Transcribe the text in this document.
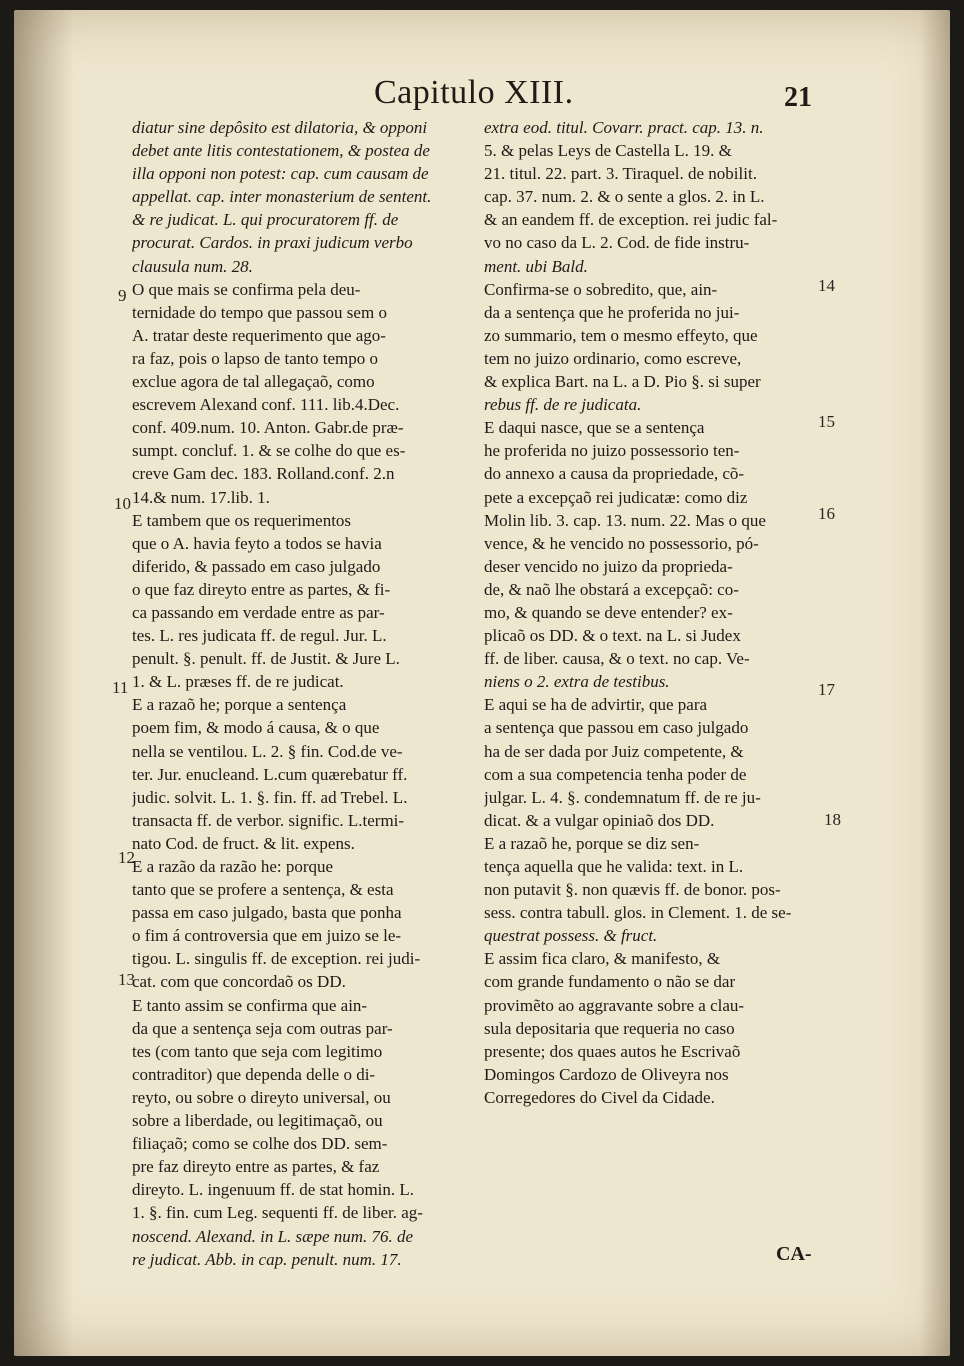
Capitulo XIII.	21
diatur sine depôsito est dilatoria, & opponi
debet ante litis contestationem, & postea de
illa opponi non potest: cap. cum causam de
appellat. cap. inter monasterium de sentent.
& re judicat. L. qui procuratorem ff. de
procurat. Cardos. in praxi judicum verbo
clausula num. 28.
O que mais se confirma pela deu-
ternidade do tempo que passou sem o
A. tratar deste requerimento que ago-
ra faz, pois o lapso de tanto tempo o
exclue agora de tal allegaçaõ, como
escrevem Alexand conf. 111. lib.4.Dec.
conf. 409.num. 10. Anton. Gabr.de præ-
sumpt. concluf. 1. & se colhe do que es-
creve Gam dec. 183. Rolland.conf. 2.n
14.& num. 17.lib. 1.
E tambem que os requerimentos
que o A. havia feyto a todos se havia
diferido, & passado em caso julgado
o que faz direyto entre as partes, & fi-
ca passando em verdade entre as par-
tes. L. res judicata ff. de regul. Jur. L.
penult. §. penult. ff. de Justit. & Jure L.
1. & L. præses ff. de re judicat.
E a razaõ he; porque a sentença
poem fim, & modo á causa, & o que
nella se ventilou. L. 2. § fin. Cod.de ve-
ter. Jur. enucleand. L.cum quærebatur ff.
judic. solvit. L. 1. §. fin. ff. ad Trebel. L.
transacta ff. de verbor. signific. L.termi-
nato Cod. de fruct. & lit. expens.
E a razão da razão he: porque
tanto que se profere a sentença, & esta
passa em caso julgado, basta que ponha
o fim á controversia que em juizo se le-
tigou. L. singulis ff. de exception. rei judi-
cat. com que concordaõ os DD.
E tanto assim se confirma que ain-
da que a sentença seja com outras par-
tes (com tanto que seja com legitimo
contraditor) que dependa delle o di-
reyto, ou sobre o direyto universal, ou
sobre a liberdade, ou legitimaçaõ, ou
filiaçaõ; como se colhe dos DD. sem-
pre faz direyto entre as partes, & faz
direyto. L. ingenuum ff. de stat homin. L.
1. §. fin. cum Leg. sequenti ff. de liber. ag-
noscend. Alexand. in L. sæpe num. 76. de
re judicat. Abb. in cap. penult. num. 17.
extra eod. titul. Covarr. pract. cap. 13. n.
5. & pelas Leys de Castella L. 19. &
21. titul. 22. part. 3. Tiraquel. de nobilit.
cap. 37. num. 2. & o sente a glos. 2. in L.
& an eandem ff. de exception. rei judic fal-
vo no caso da L. 2. Cod. de fide instru-
ment. ubi Bald.
Confirma-se o sobredito, que, ain-
da a sentença que he proferida no jui-
zo summario, tem o mesmo effeyto, que
tem no juizo ordinario, como escreve,
& explica Bart. na L. a D. Pio §. si super
rebus ff. de re judicata.
E daqui nasce, que se a sentença
he proferida no juizo possessorio ten-
do annexo a causa da propriedade, cõ-
pete a excepçaõ rei judicatæ: como diz
Molin lib. 3. cap. 13. num. 22. Mas o que
vence, & he vencido no possessorio, pó-
deser vencido no juizo da proprieda-
de, & naõ lhe obstará a excepçaõ: co-
mo, & quando se deve entender? ex-
plicaõ os DD. & o text. na L. si Judex
ff. de liber. causa, & o text. no cap. Ve-
niens o 2. extra de testibus.
E aqui se ha de advirtir, que para
a sentença que passou em caso julgado
ha de ser dada por Juiz competente, &
com a sua competencia tenha poder de
julgar. L. 4. §. condemnatum ff. de re ju-
dicat. & a vulgar opiniaõ dos DD.
E a razaõ he, porque se diz sen-
tença aquella que he valida: text. in L.
non putavit §. non quævis ff. de bonor. pos-
sess. contra tabull. glos. in Clement. 1. de se-
questrat possess. & fruct.
E assim fica claro, & manifesto, &
com grande fundamento o não se dar
provimẽto ao aggravante sobre a clau-
sula depositaria que requeria no caso
presente; dos quaes autos he Escrivaõ
Domingos Cardozo de Oliveyra nos
Corregedores do Civel da Cidade.
9
10
11
12
13
14
15
16
17
18
CA-
